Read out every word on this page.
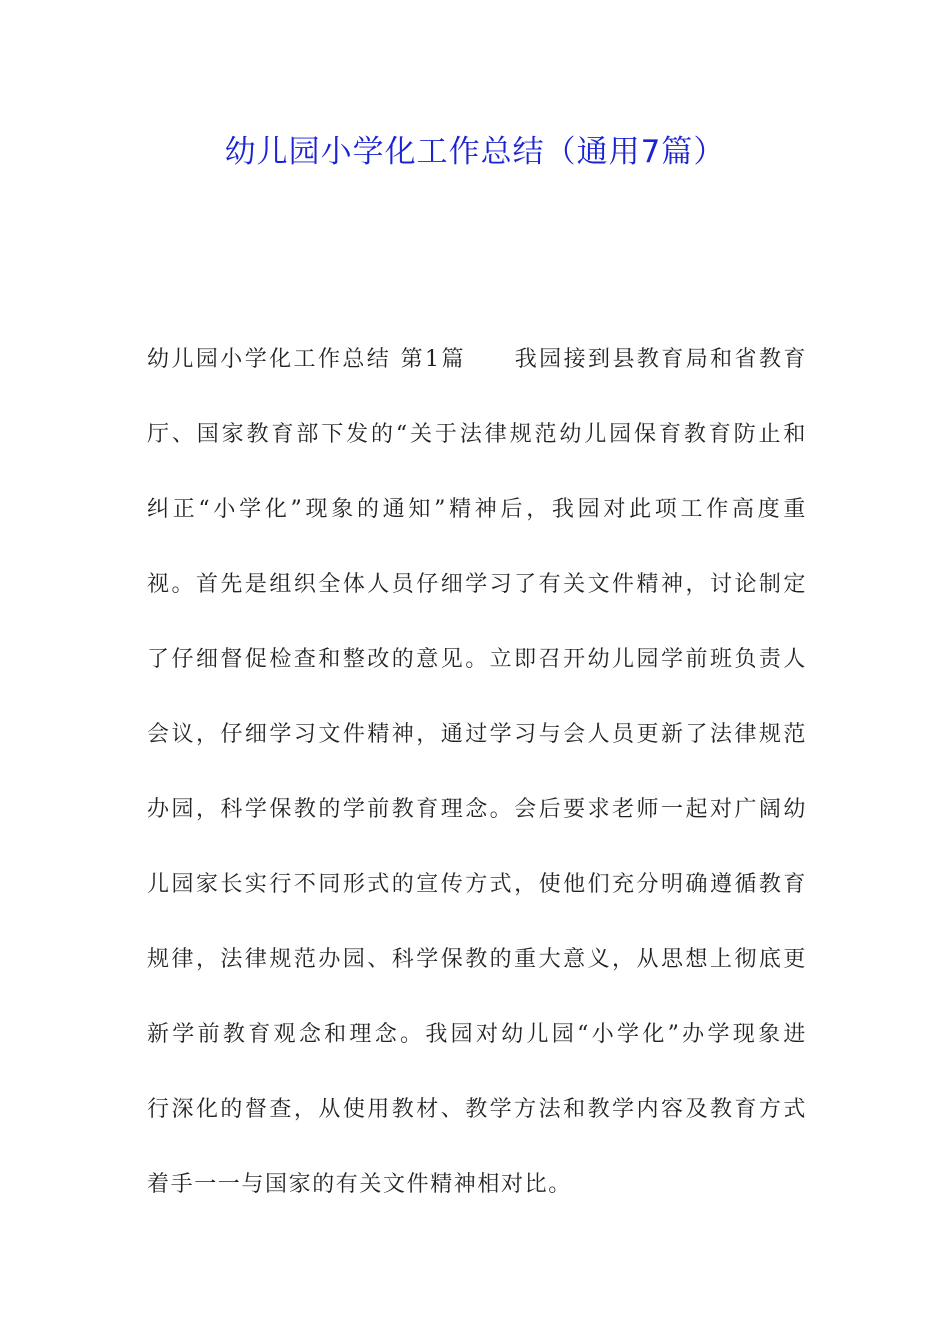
幼儿园小学化工作总结（通用7篇）
幼儿园小学化工作总结 第1篇　　我园接到县教育局和省教育
厅、国家教育部下发的“关于法律规范幼儿园保育教育防止和
纠正“小学化”现象的通知”精神后，我园对此项工作高度重
视。首先是组织全体人员仔细学习了有关文件精神，讨论制定
了仔细督促检查和整改的意见。立即召开幼儿园学前班负责人
会议，仔细学习文件精神，通过学习与会人员更新了法律规范
办园，科学保教的学前教育理念。会后要求老师一起对广阔幼
儿园家长实行不同形式的宣传方式，使他们充分明确遵循教育
规律，法律规范办园、科学保教的重大意义，从思想上彻底更
新学前教育观念和理念。我园对幼儿园“小学化”办学现象进
行深化的督查，从使用教材、教学方法和教学内容及教育方式
着手一一与国家的有关文件精神相对比。
